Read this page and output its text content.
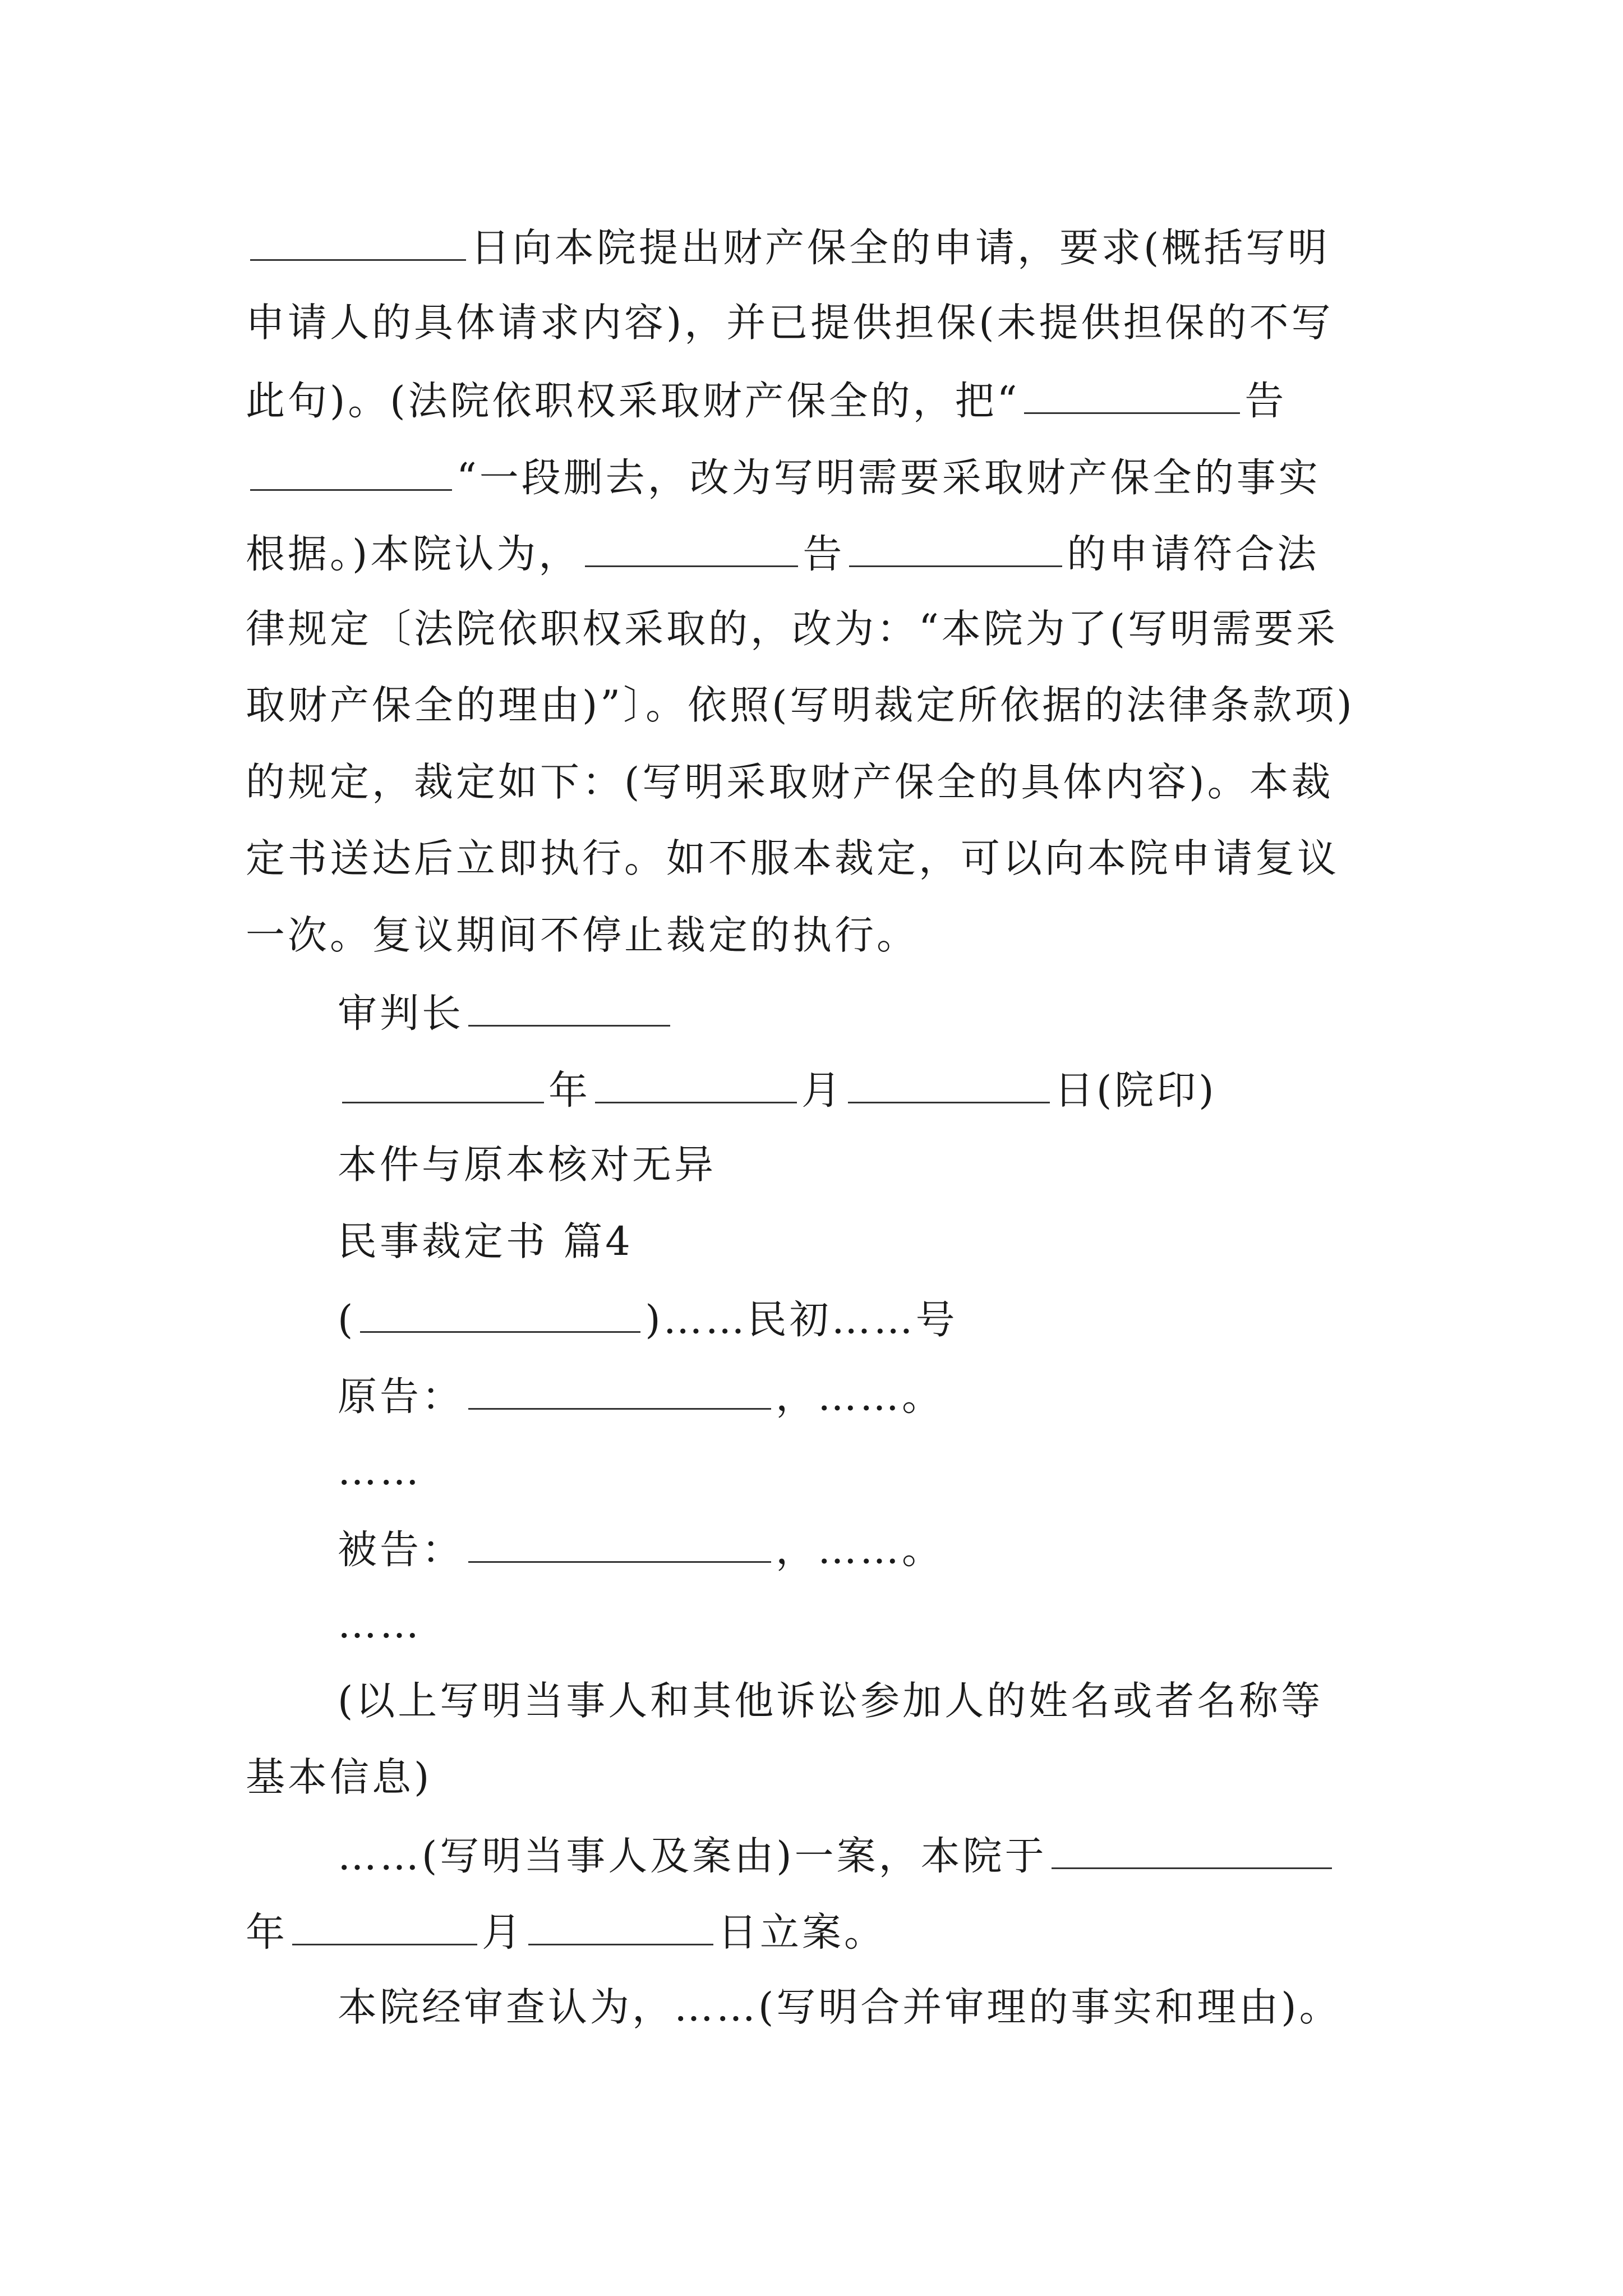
日向本院提出财产保全的申请，要求(概括写明
申请人的具体请求内容)，并已提供担保(未提供担保的不写
此句)。(法院依职权采取财产保全的，把“	告
“一段删去，改为写明需要采取财产保全的事实
根据。)本院认为，	告	的申请符合法
律规定〔法院依职权采取的，改为：“本院为了(写明需要采
取财产保全的理由)”〕。依照(写明裁定所依据的法律条款项)
的规定，裁定如下：(写明采取财产保全的具体内容)。本裁
定书送达后立即执行。如不服本裁定，可以向本院申请复议
一次。复议期间不停止裁定的执行。
审判长
年	月	日(院印)
本件与原本核对无异
民事裁定书 篇4
(	)……民初……号
原告：	，……。
……
被告：	，……。
……
(以上写明当事人和其他诉讼参加人的姓名或者名称等
基本信息)
……(写明当事人及案由)一案，本院于
年	月	日立案。
本院经审查认为，……(写明合并审理的事实和理由)。
